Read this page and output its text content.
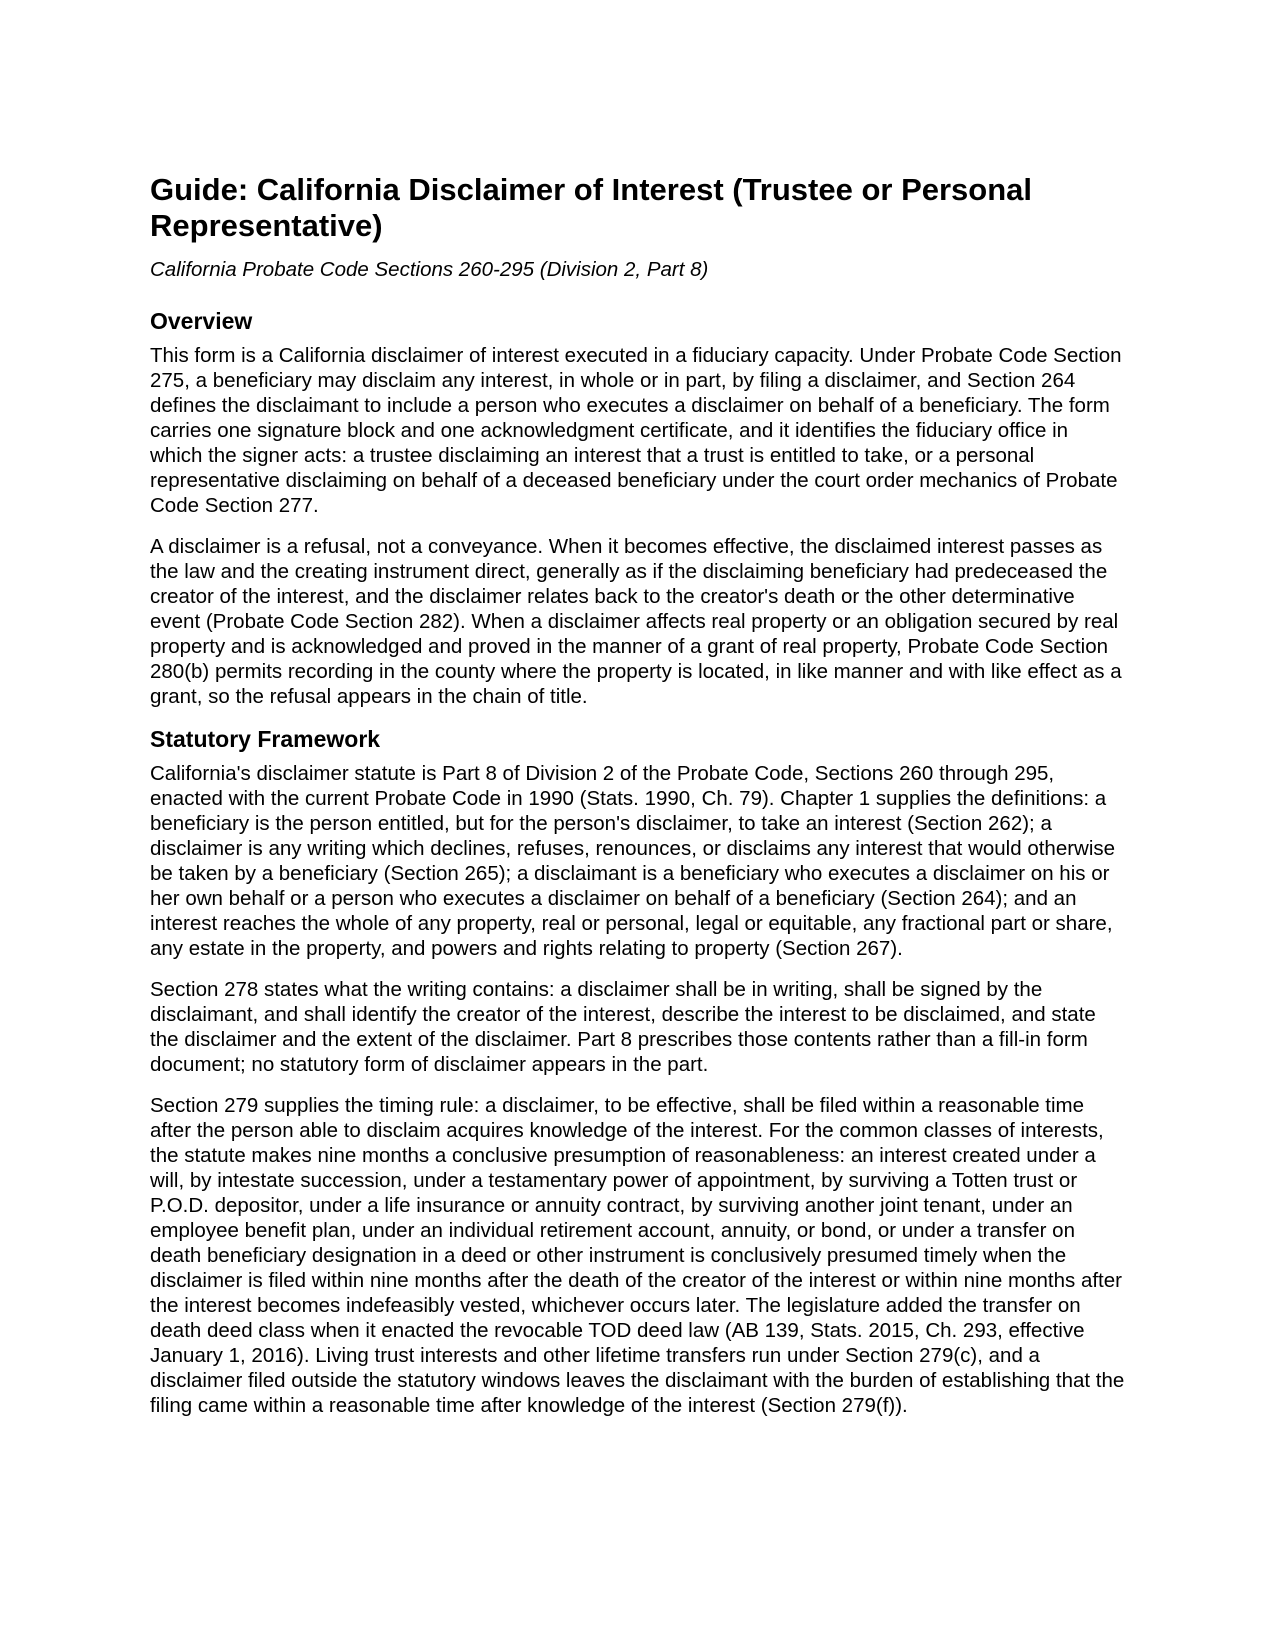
Guide: California Disclaimer of Interest (Trustee or Personal Representative)

California Probate Code Sections 260-295 (Division 2, Part 8)

Overview

This form is a California disclaimer of interest executed in a fiduciary capacity. Under Probate Code Section 275, a beneficiary may disclaim any interest, in whole or in part, by filing a disclaimer, and Section 264 defines the disclaimant to include a person who executes a disclaimer on behalf of a beneficiary. The form carries one signature block and one acknowledgment certificate, and it identifies the fiduciary office in which the signer acts: a trustee disclaiming an interest that a trust is entitled to take, or a personal representative disclaiming on behalf of a deceased beneficiary under the court order mechanics of Probate Code Section 277.

A disclaimer is a refusal, not a conveyance. When it becomes effective, the disclaimed interest passes as the law and the creating instrument direct, generally as if the disclaiming beneficiary had predeceased the creator of the interest, and the disclaimer relates back to the creator's death or the other determinative event (Probate Code Section 282). When a disclaimer affects real property or an obligation secured by real property and is acknowledged and proved in the manner of a grant of real property, Probate Code Section 280(b) permits recording in the county where the property is located, in like manner and with like effect as a grant, so the refusal appears in the chain of title.

Statutory Framework

California's disclaimer statute is Part 8 of Division 2 of the Probate Code, Sections 260 through 295, enacted with the current Probate Code in 1990 (Stats. 1990, Ch. 79). Chapter 1 supplies the definitions: a beneficiary is the person entitled, but for the person's disclaimer, to take an interest (Section 262); a disclaimer is any writing which declines, refuses, renounces, or disclaims any interest that would otherwise be taken by a beneficiary (Section 265); a disclaimant is a beneficiary who executes a disclaimer on his or her own behalf or a person who executes a disclaimer on behalf of a beneficiary (Section 264); and an interest reaches the whole of any property, real or personal, legal or equitable, any fractional part or share, any estate in the property, and powers and rights relating to property (Section 267).

Section 278 states what the writing contains: a disclaimer shall be in writing, shall be signed by the disclaimant, and shall identify the creator of the interest, describe the interest to be disclaimed, and state the disclaimer and the extent of the disclaimer. Part 8 prescribes those contents rather than a fill-in form document; no statutory form of disclaimer appears in the part.

Section 279 supplies the timing rule: a disclaimer, to be effective, shall be filed within a reasonable time after the person able to disclaim acquires knowledge of the interest. For the common classes of interests, the statute makes nine months a conclusive presumption of reasonableness: an interest created under a will, by intestate succession, under a testamentary power of appointment, by surviving a Totten trust or P.O.D. depositor, under a life insurance or annuity contract, by surviving another joint tenant, under an employee benefit plan, under an individual retirement account, annuity, or bond, or under a transfer on death beneficiary designation in a deed or other instrument is conclusively presumed timely when the disclaimer is filed within nine months after the death of the creator of the interest or within nine months after the interest becomes indefeasibly vested, whichever occurs later. The legislature added the transfer on death deed class when it enacted the revocable TOD deed law (AB 139, Stats. 2015, Ch. 293, effective January 1, 2016). Living trust interests and other lifetime transfers run under Section 279(c), and a disclaimer filed outside the statutory windows leaves the disclaimant with the burden of establishing that the filing came within a reasonable time after knowledge of the interest (Section 279(f)).
